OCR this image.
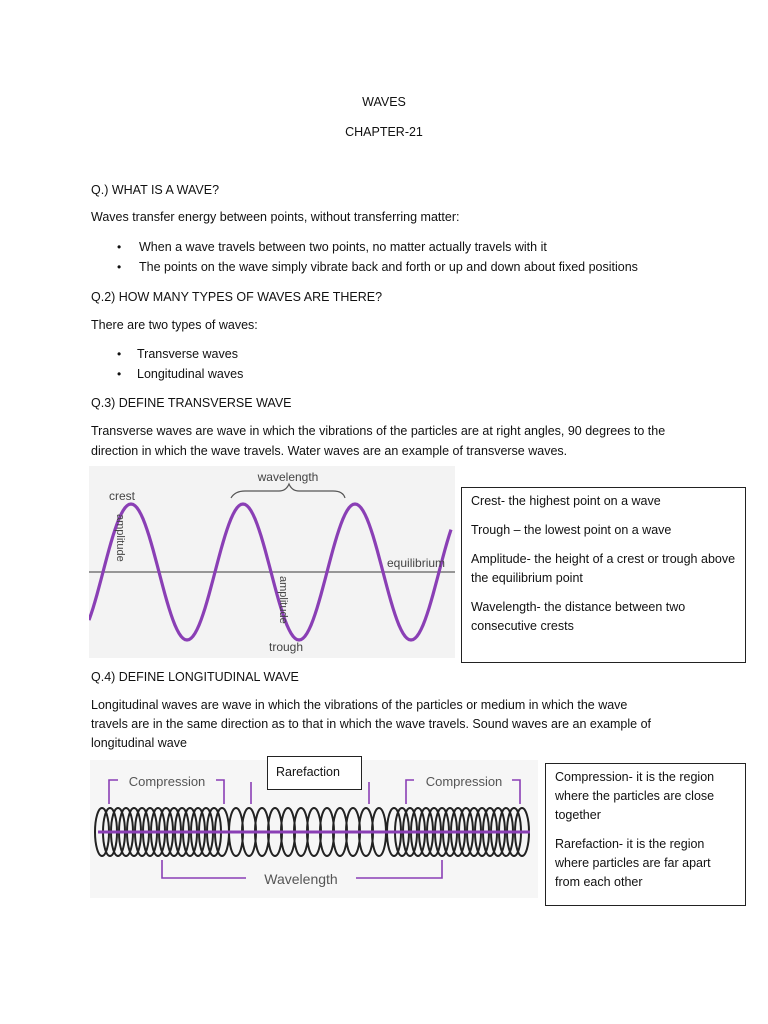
WAVES
CHAPTER-21
Q.) WHAT IS A WAVE?
Waves transfer energy between points, without transferring matter:
• When a wave travels between two points, no matter actually travels with it
• The points on the wave simply vibrate back and forth or up and down about fixed positions
Q.2) HOW MANY TYPES OF WAVES ARE THERE?
There are two types of waves:
• Transverse waves
• Longitudinal waves
Q.3) DEFINE TRANSVERSE WAVE
Transverse waves are wave in which the vibrations of the particles are at right angles, 90 degrees to the
direction in which the wave travels. Water waves are an example of transverse waves.
wavelength
crest
amplitude
amplitude
equilibrium
trough

Crest- the highest point on a wave

Trough – the lowest point on a wave

Amplitude- the height of a crest or trough above the equilibrium point

Wavelength- the distance between two consecutive crests

Q.4) DEFINE LONGITUDINAL WAVE
Longitudinal waves are wave in which the vibrations of the particles or medium in which the wave
travels are in the same direction as to that in which the wave travels. Sound waves are an example of
longitudinal wave
Compression	Compression
Wavelength
Rarefaction	Compression- it is the region where the particles are close together

Rarefaction- it is the region where particles are far apart from each other
